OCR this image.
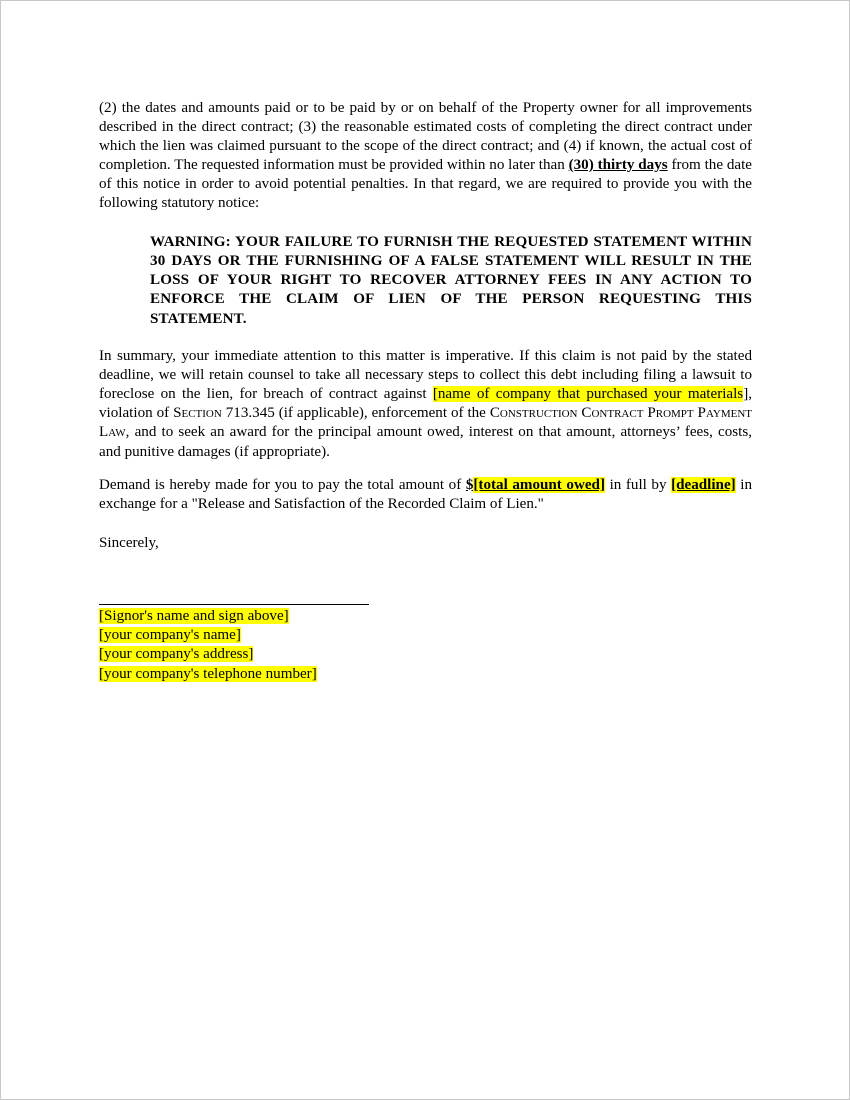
(2) the dates and amounts paid or to be paid by or on behalf of the Property owner for all improvements described in the direct contract; (3) the reasonable estimated costs of completing the direct contract under which the lien was claimed pursuant to the scope of the direct contract; and (4) if known, the actual cost of completion. The requested information must be provided within no later than (30) thirty days from the date of this notice in order to avoid potential penalties. In that regard, we are required to provide you with the following statutory notice:

WARNING: YOUR FAILURE TO FURNISH THE REQUESTED STATEMENT WITHIN 30 DAYS OR THE FURNISHING OF A FALSE STATEMENT WILL RESULT IN THE LOSS OF YOUR RIGHT TO RECOVER ATTORNEY FEES IN ANY ACTION TO ENFORCE THE CLAIM OF LIEN OF THE PERSON REQUESTING THIS STATEMENT.

In summary, your immediate attention to this matter is imperative. If this claim is not paid by the stated deadline, we will retain counsel to take all necessary steps to collect this debt including filing a lawsuit to foreclose on the lien, for breach of contract against [name of company that purchased your materials], violation of Section 713.345 (if applicable), enforcement of the Construction Contract Prompt Payment Law, and to seek an award for the principal amount owed, interest on that amount, attorneys’ fees, costs, and punitive damages (if appropriate).

Demand is hereby made for you to pay the total amount of $[total amount owed] in full by [deadline] in exchange for a "Release and Satisfaction of the Recorded Claim of Lien."

Sincerely,

[Signor's name and sign above]
[your company's name]
[your company's address]
[your company's telephone number]
